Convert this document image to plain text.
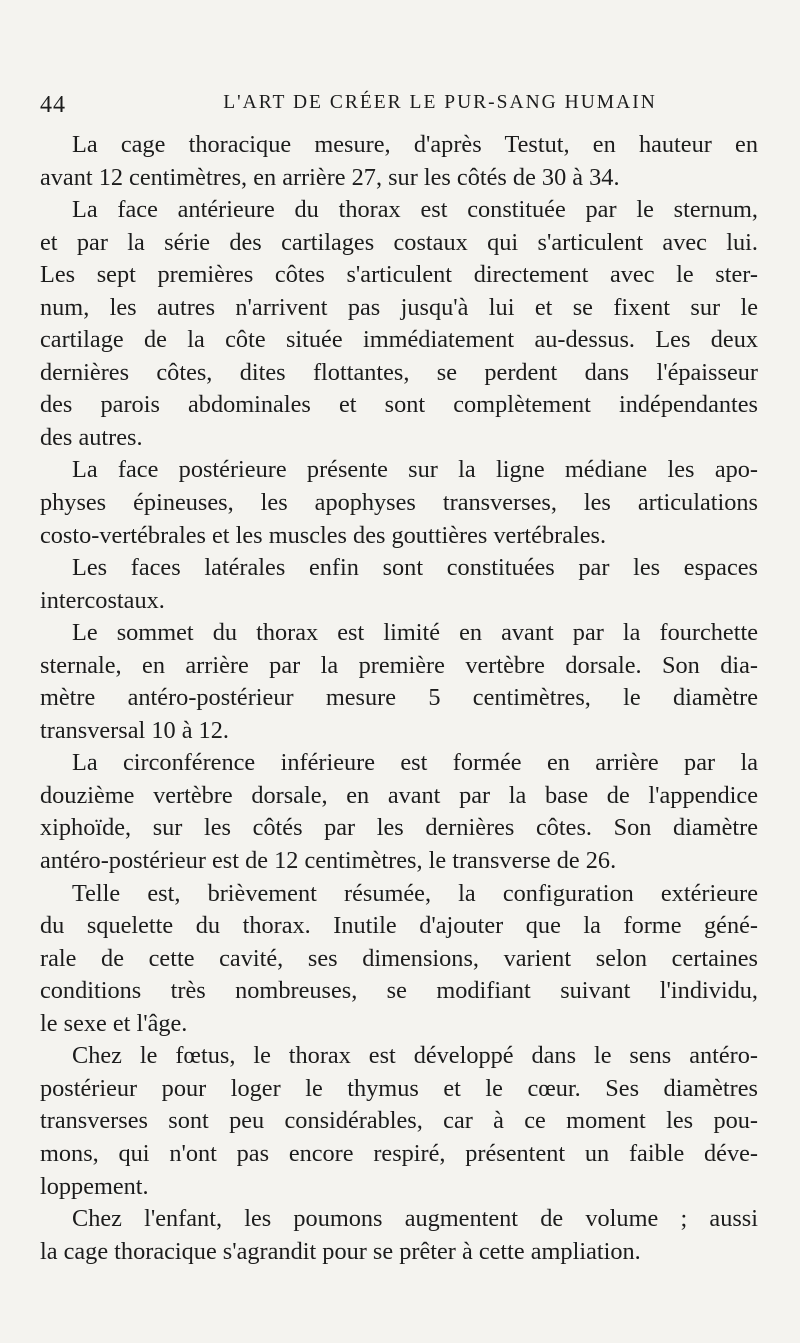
44	L'ART DE CRÉER LE PUR-SANG HUMAIN

La cage thoracique mesure, d'après Testut, en hauteur en
avant 12 centimètres, en arrière 27, sur les côtés de 30 à 34.

La face antérieure du thorax est constituée par le sternum,
et par la série des cartilages costaux qui s'articulent avec lui.
Les sept premières côtes s'articulent directement avec le ster-
num, les autres n'arrivent pas jusqu'à lui et se fixent sur le
cartilage de la côte située immédiatement au-dessus. Les deux
dernières côtes, dites flottantes, se perdent dans l'épaisseur
des parois abdominales et sont complètement indépendantes
des autres.

La face postérieure présente sur la ligne médiane les apo-
physes épineuses, les apophyses transverses, les articulations
costo-vertébrales et les muscles des gouttières vertébrales.

Les faces latérales enfin sont constituées par les espaces
intercostaux.

Le sommet du thorax est limité en avant par la fourchette
sternale, en arrière par la première vertèbre dorsale. Son dia-
mètre antéro-postérieur mesure 5 centimètres, le diamètre
transversal 10 à 12.

La circonférence inférieure est formée en arrière par la
douzième vertèbre dorsale, en avant par la base de l'appendice
xiphoïde, sur les côtés par les dernières côtes. Son diamètre
antéro-postérieur est de 12 centimètres, le transverse de 26.

Telle est, brièvement résumée, la configuration extérieure
du squelette du thorax. Inutile d'ajouter que la forme géné-
rale de cette cavité, ses dimensions, varient selon certaines
conditions très nombreuses, se modifiant suivant l'individu,
le sexe et l'âge.

Chez le fœtus, le thorax est développé dans le sens antéro-
postérieur pour loger le thymus et le cœur. Ses diamètres
transverses sont peu considérables, car à ce moment les pou-
mons, qui n'ont pas encore respiré, présentent un faible déve-
loppement.

Chez l'enfant, les poumons augmentent de volume ; aussi
la cage thoracique s'agrandit pour se prêter à cette ampliation.
